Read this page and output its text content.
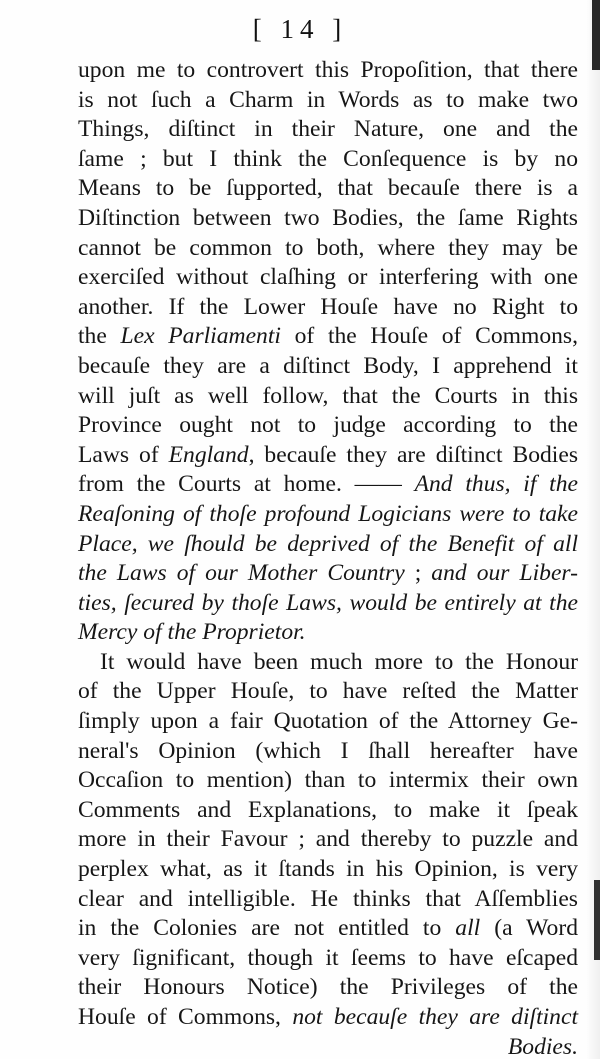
[ 14 ]
upon me to controvert this Propoſition, that there
is not ſuch a Charm in Words as to make two
Things, diſtinct in their Nature, one and the
ſame ; but I think the Conſequence is by no
Means to be ſupported, that becauſe there is a
Diſtinction between two Bodies, the ſame Rights
cannot be common to both, where they may be
exerciſed without claſhing or interfering with one
another. If the Lower Houſe have no Right to
the Lex Parliamenti of the Houſe of Commons,
becauſe they are a diſtinct Body, I apprehend it
will juſt as well follow, that the Courts in this
Province ought not to judge according to the
Laws of England, becauſe they are diſtinct Bodies
from the Courts at home. —— And thus, if the
Reaſoning of thoſe profound Logicians were to take
Place, we ſhould be deprived of the Benefit of all
the Laws of our Mother Country ; and our Liber-
ties, ſecured by thoſe Laws, would be entirely at the
Mercy of the Proprietor.
It would have been much more to the Honour
of the Upper Houſe, to have reſted the Matter
ſimply upon a fair Quotation of the Attorney Ge-
neral's Opinion (which I ſhall hereafter have
Occaſion to mention) than to intermix their own
Comments and Explanations, to make it ſpeak
more in their Favour ; and thereby to puzzle and
perplex what, as it ſtands in his Opinion, is very
clear and intelligible. He thinks that Aſſemblies
in the Colonies are not entitled to all (a Word
very ſignificant, though it ſeems to have eſcaped
their Honours Notice) the Privileges of the
Houſe of Commons, not becauſe they are diſtinct
Bodies.
